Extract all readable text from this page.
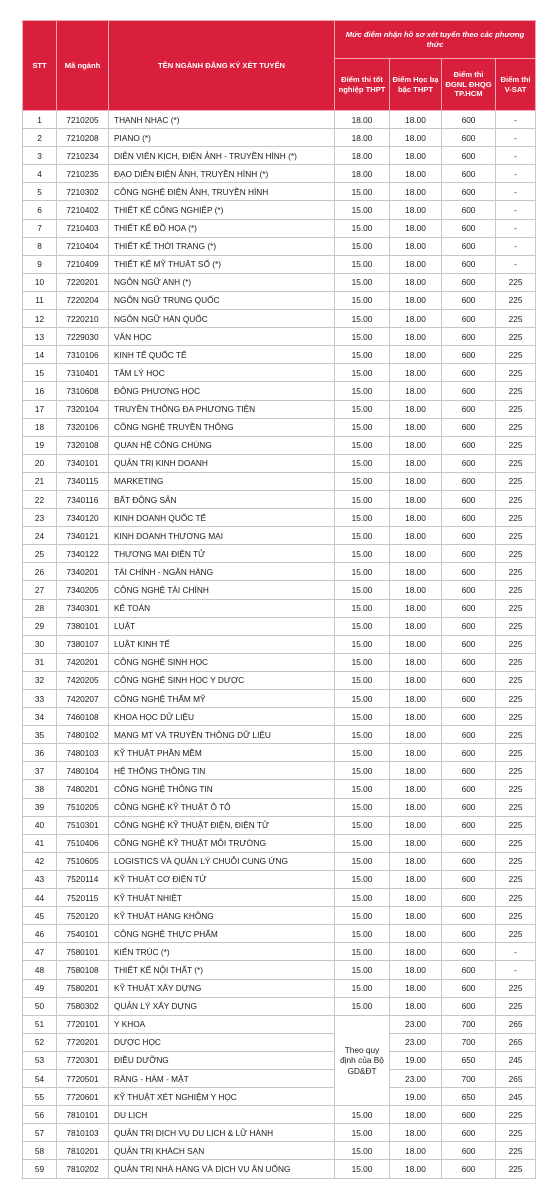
STT	Mã ngành	TÊN NGÀNH ĐĂNG KÝ XÉT TUYỂN	Mức điểm nhận hồ sơ xét tuyển theo các phương thức			
			Điểm thi tốt nghiệp THPT	Điểm Học bạ bậc THPT	Điểm thi ĐGNL ĐHQG TP.HCM	Điểm thi V-SAT
1	7210205	THANH NHẠC (*)	18.00	18.00	600	-
2	7210208	PIANO (*)	18.00	18.00	600	-
3	7210234	DIỄN VIÊN KỊCH, ĐIỆN ẢNH - TRUYỀN HÌNH (*)	18.00	18.00	600	-
4	7210235	ĐẠO DIỄN ĐIỆN ẢNH, TRUYỀN HÌNH (*)	18.00	18.00	600	-
5	7210302	CÔNG NGHỆ ĐIỆN ẢNH, TRUYỀN HÌNH	15.00	18.00	600	-
6	7210402	THIẾT KẾ CÔNG NGHIỆP (*)	15.00	18.00	600	-
7	7210403	THIẾT KẾ ĐỒ HỌA (*)	15.00	18.00	600	-
8	7210404	THIẾT KẾ THỜI TRANG (*)	15.00	18.00	600	-
9	7210409	THIẾT KẾ MỸ THUẬT SỐ (*)	15.00	18.00	600	-
10	7220201	NGÔN NGỮ ANH (*)	15.00	18.00	600	225
11	7220204	NGÔN NGỮ TRUNG QUỐC	15.00	18.00	600	225
12	7220210	NGÔN NGỮ HÀN QUỐC	15.00	18.00	600	225
13	7229030	VĂN HỌC	15.00	18.00	600	225
14	7310106	KINH TẾ QUỐC TẾ	15.00	18.00	600	225
15	7310401	TÂM LÝ HỌC	15.00	18.00	600	225
16	7310608	ĐÔNG PHƯƠNG HỌC	15.00	18.00	600	225
17	7320104	TRUYỀN THÔNG ĐA PHƯƠNG TIỆN	15.00	18.00	600	225
18	7320106	CÔNG NGHỆ TRUYỀN THÔNG	15.00	18.00	600	225
19	7320108	QUAN HỆ CÔNG CHÚNG	15.00	18.00	600	225
20	7340101	QUẢN TRỊ KINH DOANH	15.00	18.00	600	225
21	7340115	MARKETING	15.00	18.00	600	225
22	7340116	BẤT ĐỘNG SẢN	15.00	18.00	600	225
23	7340120	KINH DOANH QUỐC TẾ	15.00	18.00	600	225
24	7340121	KINH DOANH THƯƠNG MẠI	15.00	18.00	600	225
25	7340122	THƯƠNG MẠI ĐIỆN TỬ	15.00	18.00	600	225
26	7340201	TÀI CHÍNH - NGÂN HÀNG	15.00	18.00	600	225
27	7340205	CÔNG NGHỆ TÀI CHÍNH	15.00	18.00	600	225
28	7340301	KẾ TOÁN	15.00	18.00	600	225
29	7380101	LUẬT	15.00	18.00	600	225
30	7380107	LUẬT KINH TẾ	15.00	18.00	600	225
31	7420201	CÔNG NGHỆ SINH HỌC	15.00	18.00	600	225
32	7420205	CÔNG NGHỆ SINH HỌC Y DƯỢC	15.00	18.00	600	225
33	7420207	CÔNG NGHỆ THẨM MỸ	15.00	18.00	600	225
34	7460108	KHOA HỌC DỮ LIỆU	15.00	18.00	600	225
35	7480102	MẠNG MT VÀ TRUYỀN THÔNG DỮ LIỆU	15.00	18.00	600	225
36	7480103	KỸ THUẬT PHẦN MỀM	15.00	18.00	600	225
37	7480104	HỆ THỐNG THÔNG TIN	15.00	18.00	600	225
38	7480201	CÔNG NGHỆ THÔNG TIN	15.00	18.00	600	225
39	7510205	CÔNG NGHỆ KỸ THUẬT Ô TÔ	15.00	18.00	600	225
40	7510301	CÔNG NGHỆ KỸ THUẬT ĐIỆN, ĐIỆN TỬ	15.00	18.00	600	225
41	7510406	CÔNG NGHỆ KỸ THUẬT MÔI TRƯỜNG	15.00	18.00	600	225
42	7510605	LOGISTICS VÀ QUẢN LÝ CHUỖI CUNG ỨNG	15.00	18.00	600	225
43	7520114	KỸ THUẬT CƠ ĐIỆN TỬ	15.00	18.00	600	225
44	7520115	KỸ THUẬT NHIỆT	15.00	18.00	600	225
45	7520120	KỸ THUẬT HÀNG KHÔNG	15.00	18.00	600	225
46	7540101	CÔNG NGHỆ THỰC PHẨM	15.00	18.00	600	225
47	7580101	KIẾN TRÚC (*)	15.00	18.00	600	-
48	7580108	THIẾT KẾ NỘI THẤT (*)	15.00	18.00	600	-
49	7580201	KỸ THUẬT XÂY DỰNG	15.00	18.00	600	225
50	7580302	QUẢN LÝ XÂY DỰNG	15.00	18.00	600	225
51	7720101	Y KHOA	Theo quy định của Bộ GD&ĐT	23.00	700	265
52	7720201	DƯỢC HỌC		23.00	700	265
53	7720301	ĐIỀU DƯỠNG		19.00	650	245
54	7720501	RĂNG - HÀM - MẶT		23.00	700	265
55	7720601	KỸ THUẬT XÉT NGHIỆM Y HỌC		19.00	650	245
56	7810101	DU LỊCH	15.00	18.00	600	225
57	7810103	QUẢN TRỊ DỊCH VỤ DU LỊCH & LỮ HÀNH	15.00	18.00	600	225
58	7810201	QUẢN TRỊ KHÁCH SẠN	15.00	18.00	600	225
59	7810202	QUẢN TRỊ NHÀ HÀNG VÀ DỊCH VỤ ĂN UỐNG	15.00	18.00	600	225
